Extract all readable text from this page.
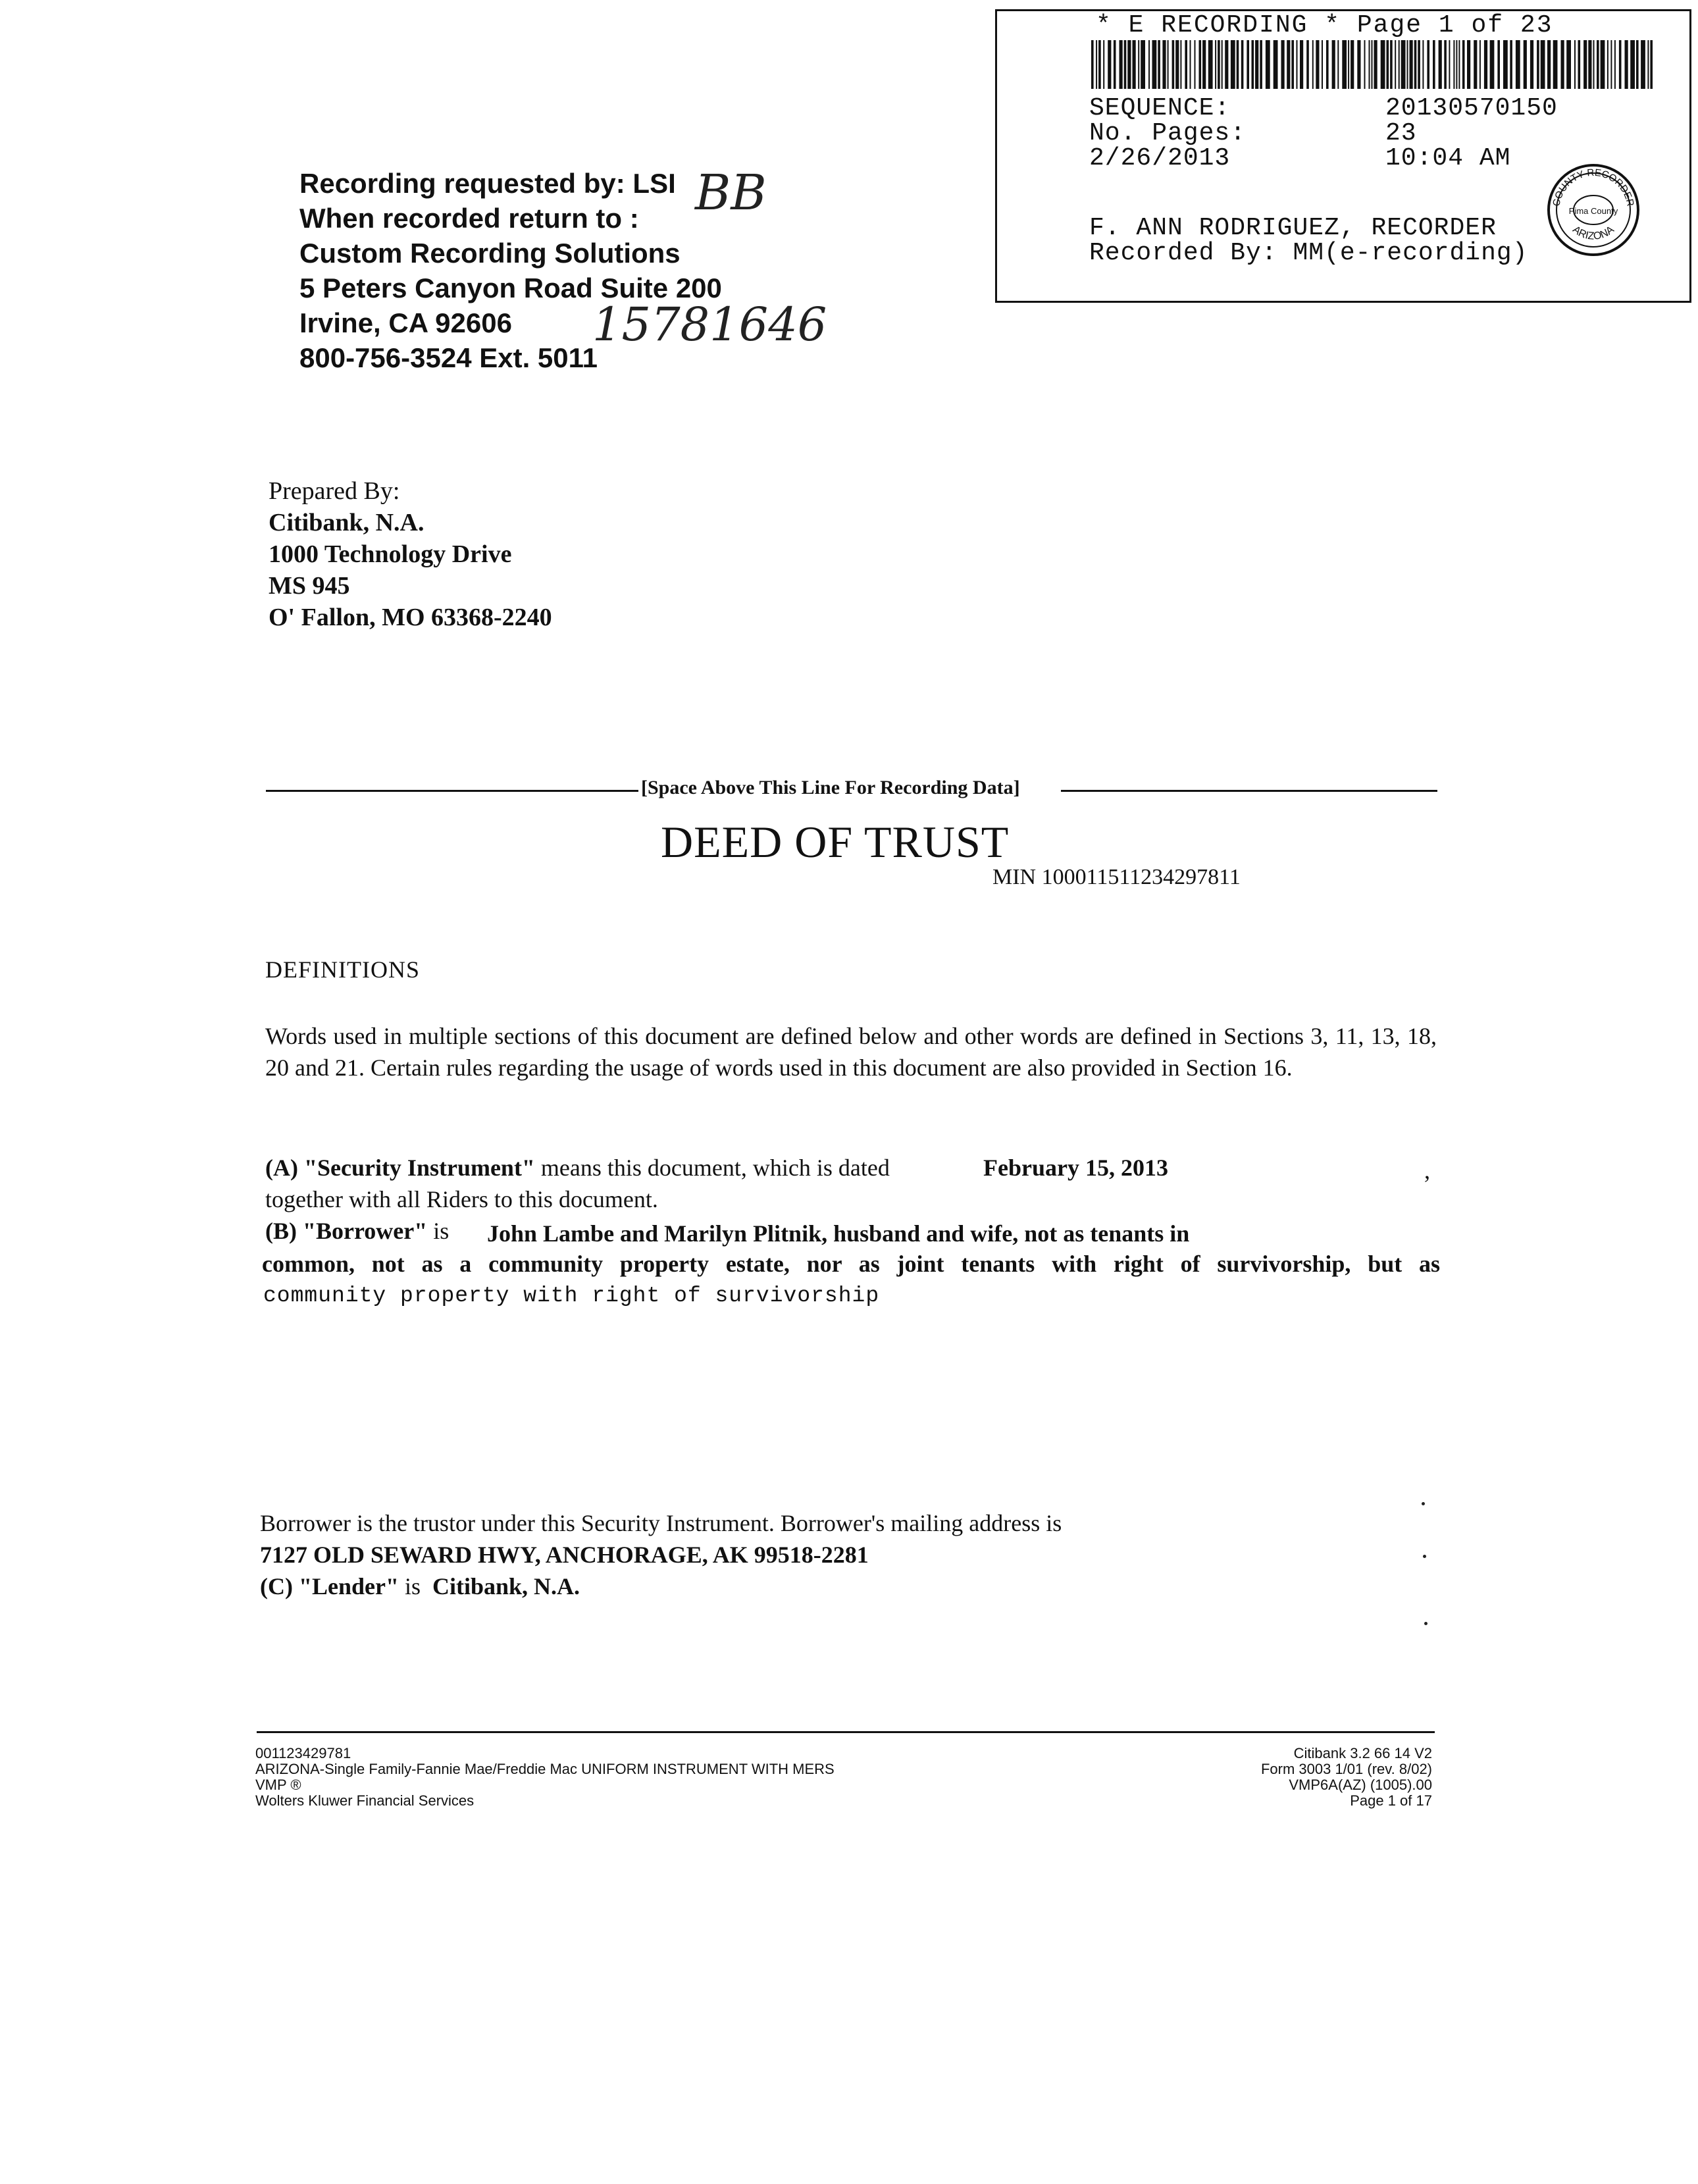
* E RECORDING * Page 1 of 23
SEQUENCE:	20130570150
No. Pages:	23
2/26/2013	10:04 AM
F. ANN RODRIGUEZ, RECORDER
Recorded By: MM(e-recording)
COUNTY RECORDER
ARIZONA
Pima County
Recording requested by: LSI
When recorded return to :
Custom Recording Solutions
5 Peters Canyon Road Suite 200
Irvine, CA 92606
800-756-3524 Ext. 5011
BB
15781646
Prepared By:
Citibank, N.A.
1000 Technology Drive
MS 945
O' Fallon, MO 63368-2240
[Space Above This Line For Recording Data]
DEED OF TRUST
MIN 100011511234297811
DEFINITIONS
Words used in multiple sections of this document are defined below and other words are defined in Sections 3, 11, 13, 18, 20 and 21. Certain rules regarding the usage of words used in this document are also provided in Section 16.
(A) "Security Instrument" means this document, which is dated	February 15, 2013	,
together with all Riders to this document.
(B) "Borrower" is John Lambe and Marilyn Plitnik, husband and wife, not as tenants in
common, not as a community property estate, nor as joint tenants with right of survivorship, but as
community property with right of survivorship
Borrower is the trustor under this Security Instrument. Borrower's mailing address is
7127 OLD SEWARD HWY, ANCHORAGE, AK 99518-2281
(C) "Lender" is Citibank, N.A.
001123429781
ARIZONA-Single Family-Fannie Mae/Freddie Mac UNIFORM INSTRUMENT WITH MERS
VMP ®
Wolters Kluwer Financial Services
Citibank 3.2 66 14 V2
Form 3003 1/01 (rev. 8/02)
VMP6A(AZ) (1005).00
Page 1 of 17
